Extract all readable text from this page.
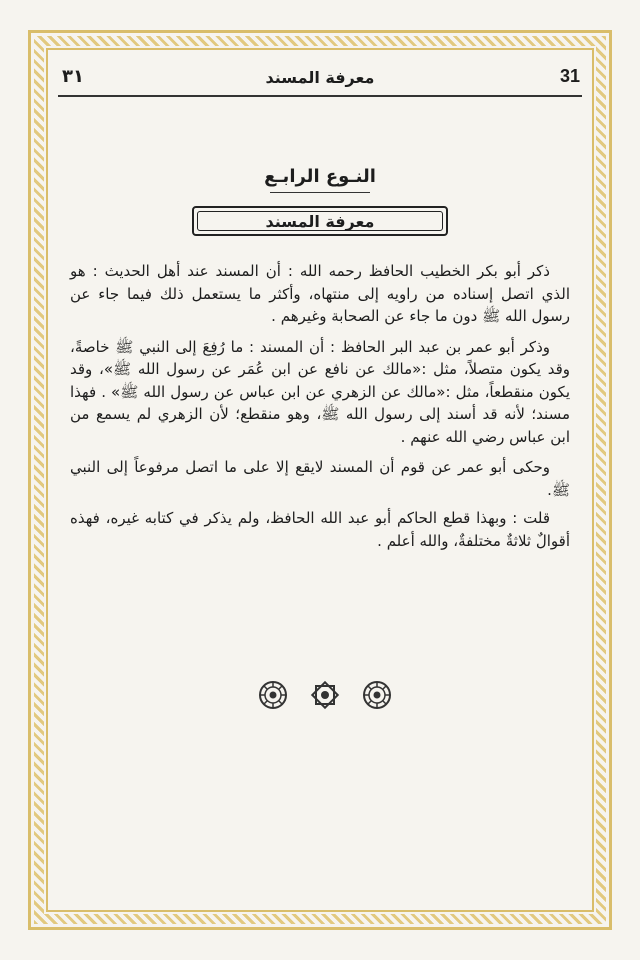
31
معرفة المسند
٣١
النـوع الرابـع
معرفة المسند

ذكر أبو بكر الخطيب الحافظ رحمه الله : أن المسند عند أهل الحديث : هو الذي اتصل إسناده من راويه إلى منتهاه، وأكثر ما يستعمل ذلك فيما جاء عن رسول الله ﷺ دون ما جاء عن الصحابة وغيرهم .

وذكر أبو عمر بن عبد البر الحافظ : أن المسند : ما رُفِعَ إلى النبي ﷺ خاصةً، وقد يكون متصلاً، مثل :«مالك عن نافع عن ابن عُمَر عن رسول الله ﷺ»، وقد يكون منقطعاً، مثل :«مالك عن الزهري عن ابن عباس عن رسول الله ﷺ» . فهذا مسند؛ لأنه قد أسند إلى رسول الله ﷺ، وهو منقطع؛ لأن الزهري لم يسمع من ابن عباس رضي الله عنهم .

وحكى أبو عمر عن قوم أن المسند لايقع إلا على ما اتصل مرفوعاً إلى النبي ﷺ.

قلت : وبهذا قطع الحاكم أبو عبد الله الحافظ، ولم يذكر في كتابه غيره، فهذه أقوالٌ ثلاثةٌ مختلفةٌ، والله أعلم .
